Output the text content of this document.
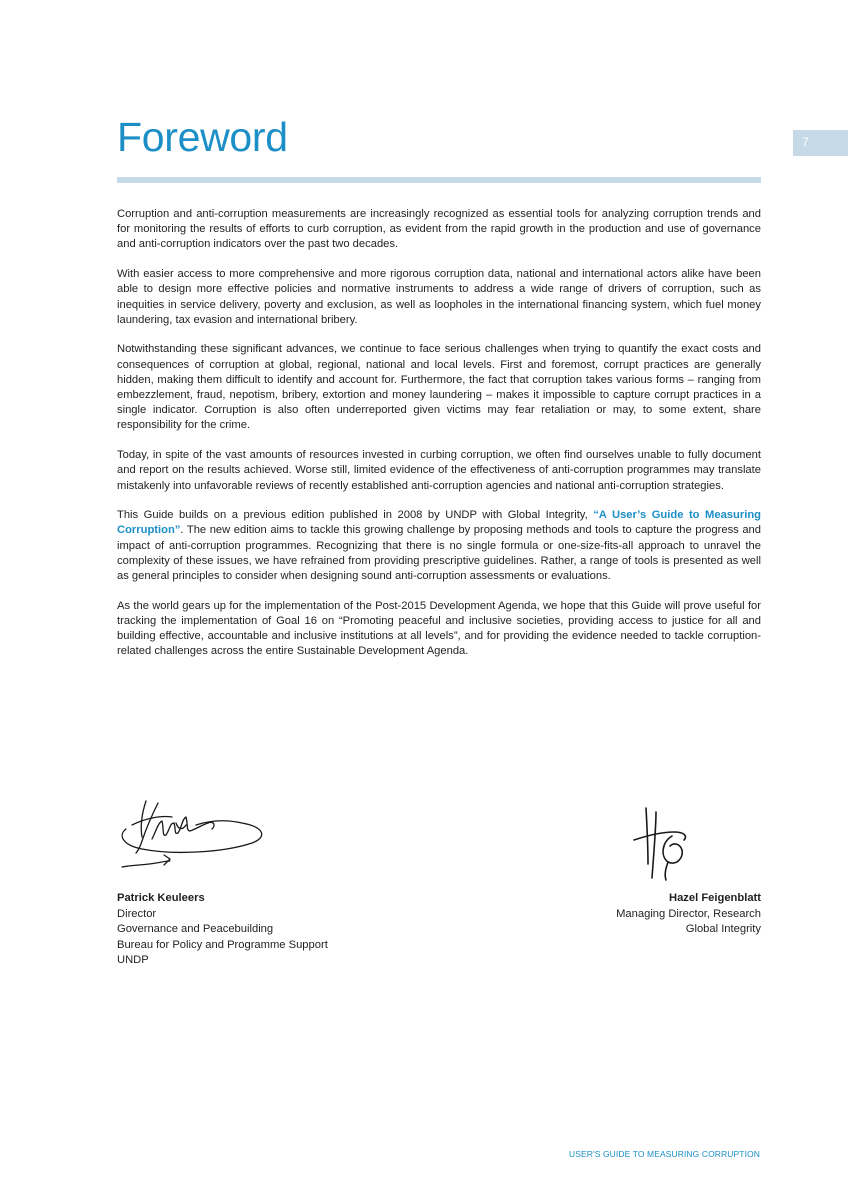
Foreword	7

Corruption and anti-corruption measurements are increasingly recognized as essential tools for analyzing corruption trends and for monitoring the results of efforts to curb corruption, as evident from the rapid growth in the production and use of governance and anti-corruption indicators over the past two decades.

With easier access to more comprehensive and more rigorous corruption data, national and international actors alike have been able to design more effective policies and normative instruments to address a wide range of drivers of corruption, such as inequities in service delivery, poverty and exclusion, as well as loopholes in the international financing system, which fuel money laundering, tax evasion and international bribery.

Notwithstanding these significant advances, we continue to face serious challenges when trying to quantify the exact costs and consequences of corruption at global, regional, national and local levels. First and foremost, corrupt practices are generally hidden, making them difficult to identify and account for. Furthermore, the fact that corruption takes various forms – ranging from embezzlement, fraud, nepotism, bribery, extortion and money laundering – makes it impossible to capture corrupt practices in a single indicator. Corruption is also often underreported given victims may fear retaliation or may, to some extent, share responsibility for the crime.

Today, in spite of the vast amounts of resources invested in curbing corruption, we often find ourselves unable to fully document and report on the results achieved. Worse still, limited evidence of the effectiveness of anti-corruption programmes may translate mistakenly into unfavorable reviews of recently established anti-corruption agencies and national anti-corruption strategies.

This Guide builds on a previous edition published in 2008 by UNDP with Global Integrity, “A User’s Guide to Measuring Corruption”. The new edition aims to tackle this growing challenge by proposing methods and tools to capture the progress and impact of anti-corruption programmes. Recognizing that there is no single formula or one-size-fits-all approach to unravel the complexity of these issues, we have refrained from providing prescriptive guidelines. Rather, a range of tools is presented as well as general principles to consider when designing sound anti-corruption assessments or evaluations.

As the world gears up for the implementation of the Post-2015 Development Agenda, we hope that this Guide will prove useful for tracking the implementation of Goal 16 on “Promoting peaceful and inclusive societies, providing access to justice for all and building effective, accountable and inclusive institutions at all levels”, and for providing the evidence needed to tackle corruption-related challenges across the entire Sustainable Development Agenda.

Patrick Keuleers
Director
Governance and Peacebuilding
Bureau for Policy and Programme Support
UNDP
Hazel Feigenblatt
Managing Director, Research
Global Integrity
USER'S GUIDE TO MEASURING CORRUPTION
